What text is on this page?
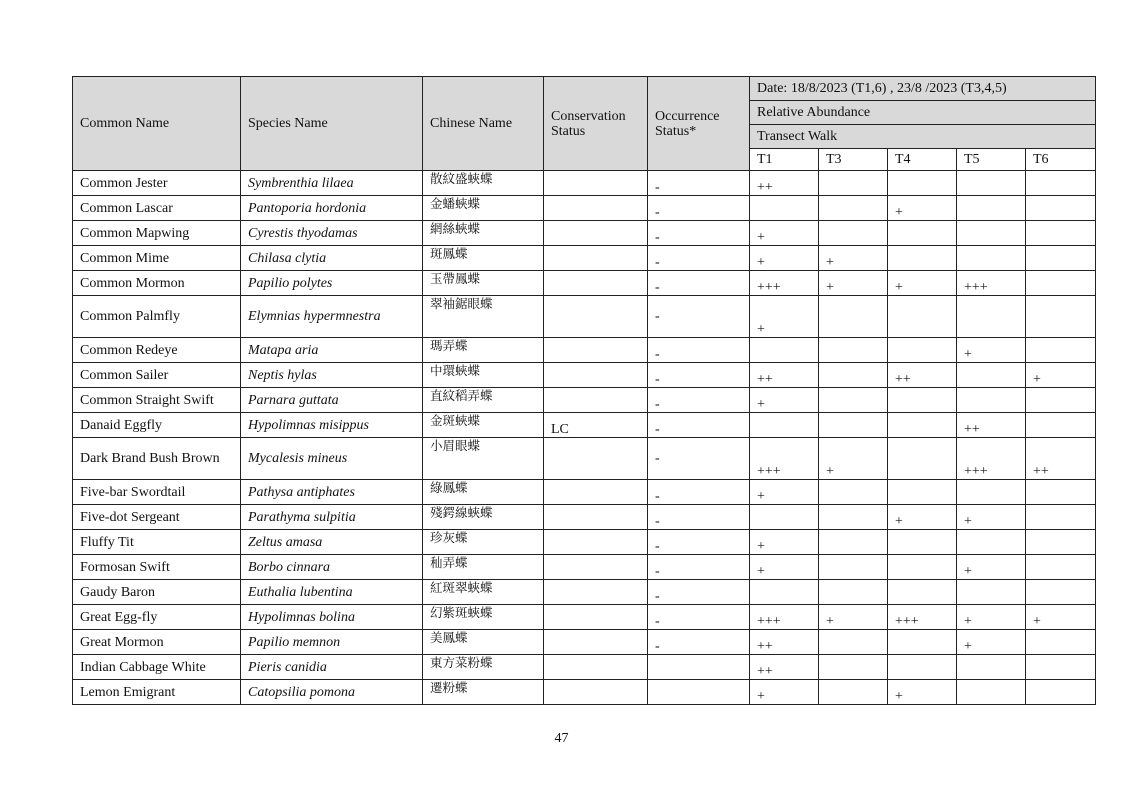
Common Name	Species Name	Chinese Name	Conservation Status	Occurrence Status*	Date: 18/8/2023 (T1,6) , 23/8 /2023 (T3,4,5)				
					Relative Abundance				
					Transect Walk				
					T1	T3	T4	T5	T6
Common Jester	Symbrenthia lilaea	散紋盛蛺蝶		-	++				
Common Lascar	Pantoporia hordonia	金蟠蛺蝶		-			+		
Common Mapwing	Cyrestis thyodamas	網絲蛺蝶		-	+				
Common Mime	Chilasa clytia	斑鳳蝶		-	+	+			
Common Mormon	Papilio polytes	玉帶鳳蝶		-	+++	+	+	+++	
Common Palmfly	Elymnias hypermnestra	翠袖鋸眼蝶		-	+				
Common Redeye	Matapa aria	瑪弄蝶		-				+	
Common Sailer	Neptis hylas	中環蛺蝶		-	++		++		+
Common Straight Swift	Parnara guttata	直紋稻弄蝶		-	+				
Danaid Eggfly	Hypolimnas misippus	金斑蛺蝶	LC	-				++	
Dark Brand Bush Brown	Mycalesis mineus	小眉眼蝶		-	+++	+		+++	++
Five-bar Swordtail	Pathysa antiphates	綠鳳蝶		-	+				
Five-dot Sergeant	Parathyma sulpitia	殘鍔線蛺蝶		-			+	+	
Fluffy Tit	Zeltus amasa	珍灰蝶		-	+				
Formosan Swift	Borbo cinnara	秈弄蝶		-	+			+	
Gaudy Baron	Euthalia lubentina	紅斑翠蛺蝶		-					
Great Egg-fly	Hypolimnas bolina	幻紫斑蛺蝶		-	+++	+	+++	+	+
Great Mormon	Papilio memnon	美鳳蝶		-	++			+	
Indian Cabbage White	Pieris canidia	東方菜粉蝶			++				
Lemon Emigrant	Catopsilia pomona	遷粉蝶			+		+		
47
